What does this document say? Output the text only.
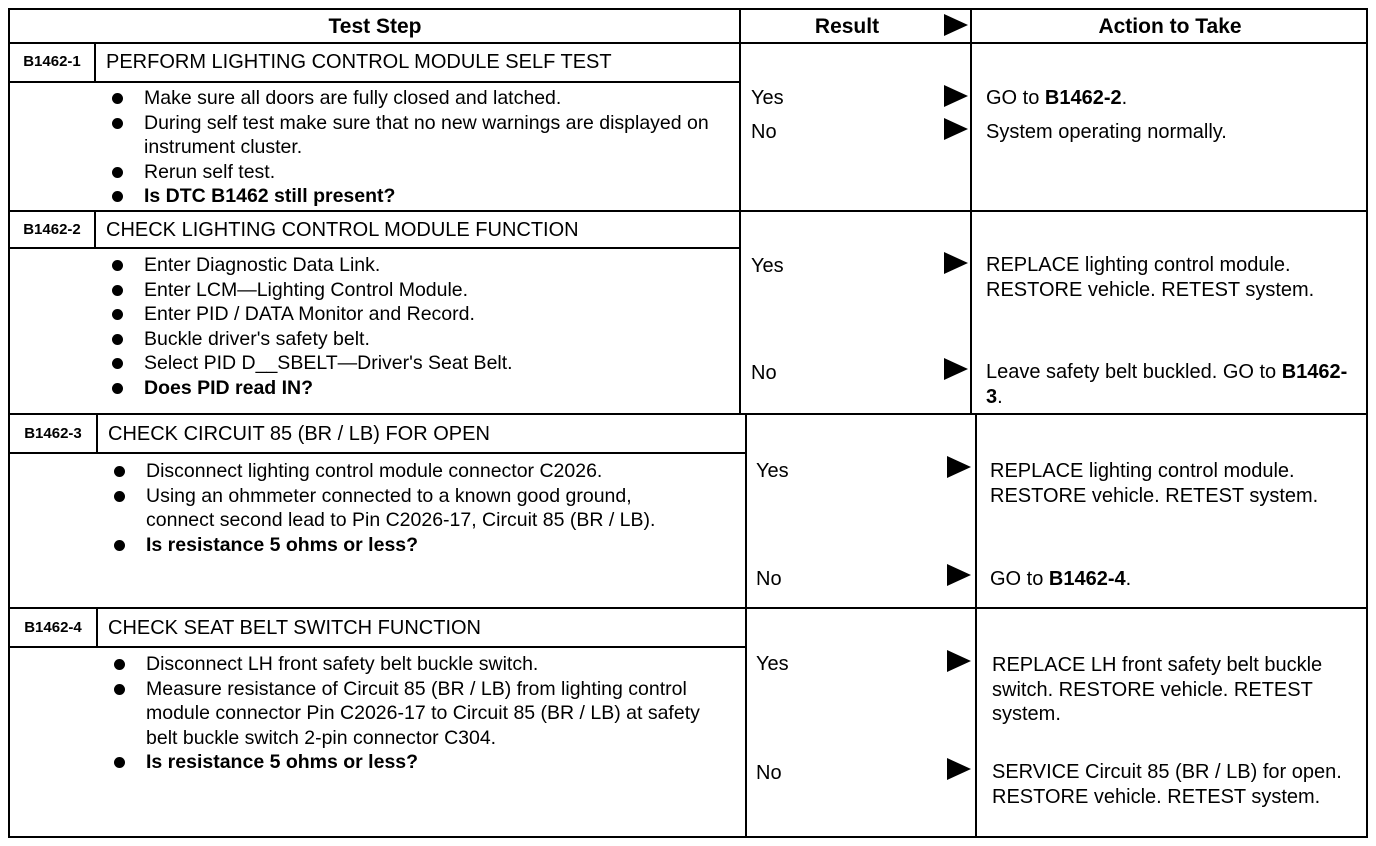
Test Step	Result	Action to Take
B1462-1	PERFORM LIGHTING CONTROL MODULE SELF TEST
Make sure all doors are fully closed and latched.
During self test make sure that no new warnings are displayed on instrument cluster.
Rerun self test.
Is DTC B1462 still present?
Yes	GO to B1462-2.
No	System operating normally.
B1462-2	CHECK LIGHTING CONTROL MODULE FUNCTION
Enter Diagnostic Data Link.
Enter LCM—Lighting Control Module.
Enter PID / DATA Monitor and Record.
Buckle driver's safety belt.
Select PID D__SBELT—Driver's Seat Belt.
Does PID read IN?
Yes	REPLACE lighting control module. RESTORE vehicle. RETEST system.
No	Leave safety belt buckled. GO to B1462-3.
B1462-3	CHECK CIRCUIT 85 (BR / LB) FOR OPEN
Disconnect lighting control module connector C2026.
Using an ohmmeter connected to a known good ground, connect second lead to Pin C2026-17, Circuit 85 (BR / LB).
Is resistance 5 ohms or less?
Yes	REPLACE lighting control module. RESTORE vehicle. RETEST system.
No	GO to B1462-4.
B1462-4	CHECK SEAT BELT SWITCH FUNCTION
Disconnect LH front safety belt buckle switch.
Measure resistance of Circuit 85 (BR / LB) from lighting control module connector Pin C2026-17 to Circuit 85 (BR / LB) at safety belt buckle switch 2-pin connector C304.
Is resistance 5 ohms or less?
Yes	REPLACE LH front safety belt buckle switch. RESTORE vehicle. RETEST system.
No	SERVICE Circuit 85 (BR / LB) for open. RESTORE vehicle. RETEST system.
